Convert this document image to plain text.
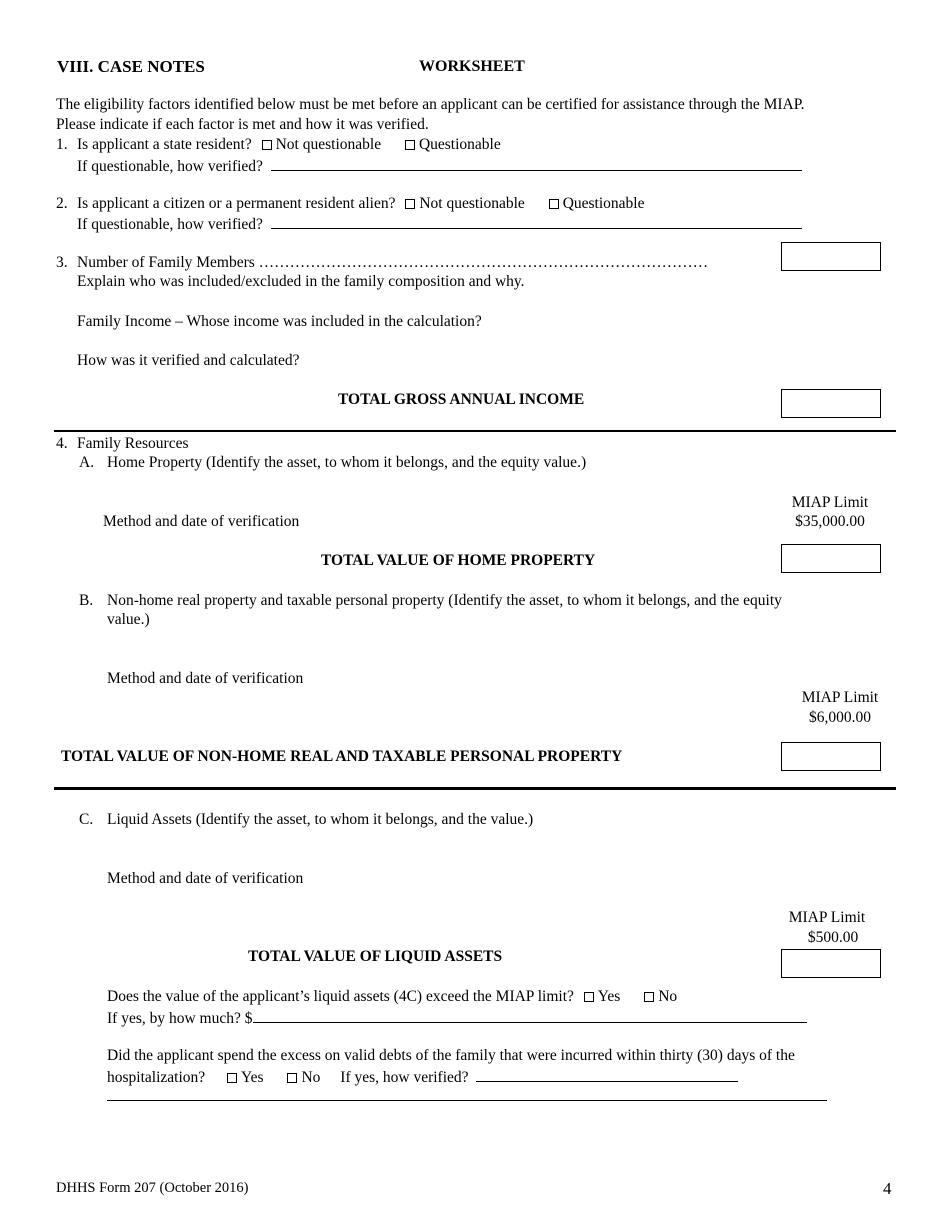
VIII. CASE NOTES	WORKSHEET
The eligibility factors identified below must be met before an applicant can be certified for assistance through the MIAP.
Please indicate if each factor is met and how it was verified.
1. Is applicant a state resident? Not questionable Questionable
If questionable, how verified?
2. Is applicant a citizen or a permanent resident alien? Not questionable Questionable
If questionable, how verified?
3. Number of Family Members ……………………………………………………………………………
Explain who was included/excluded in the family composition and why.
Family Income – Whose income was included in the calculation?
How was it verified and calculated?
TOTAL GROSS ANNUAL INCOME
4. Family Resources
A. Home Property (Identify the asset, to whom it belongs, and the equity value.)
MIAP Limit
$35,000.00
Method and date of verification
TOTAL VALUE OF HOME PROPERTY
B. Non-home real property and taxable personal property (Identify the asset, to whom it belongs, and the equity
value.)
Method and date of verification
MIAP Limit
$6,000.00
TOTAL VALUE OF NON-HOME REAL AND TAXABLE PERSONAL PROPERTY
C. Liquid Assets (Identify the asset, to whom it belongs, and the value.)
Method and date of verification
MIAP Limit
$500.00
TOTAL VALUE OF LIQUID ASSETS
Does the value of the applicant’s liquid assets (4C) exceed the MIAP limit? Yes No
If yes, by how much? $
Did the applicant spend the excess on valid debts of the family that were incurred within thirty (30) days of the
hospitalization? Yes No If yes, how verified?
DHHS Form 207 (October 2016)	4
